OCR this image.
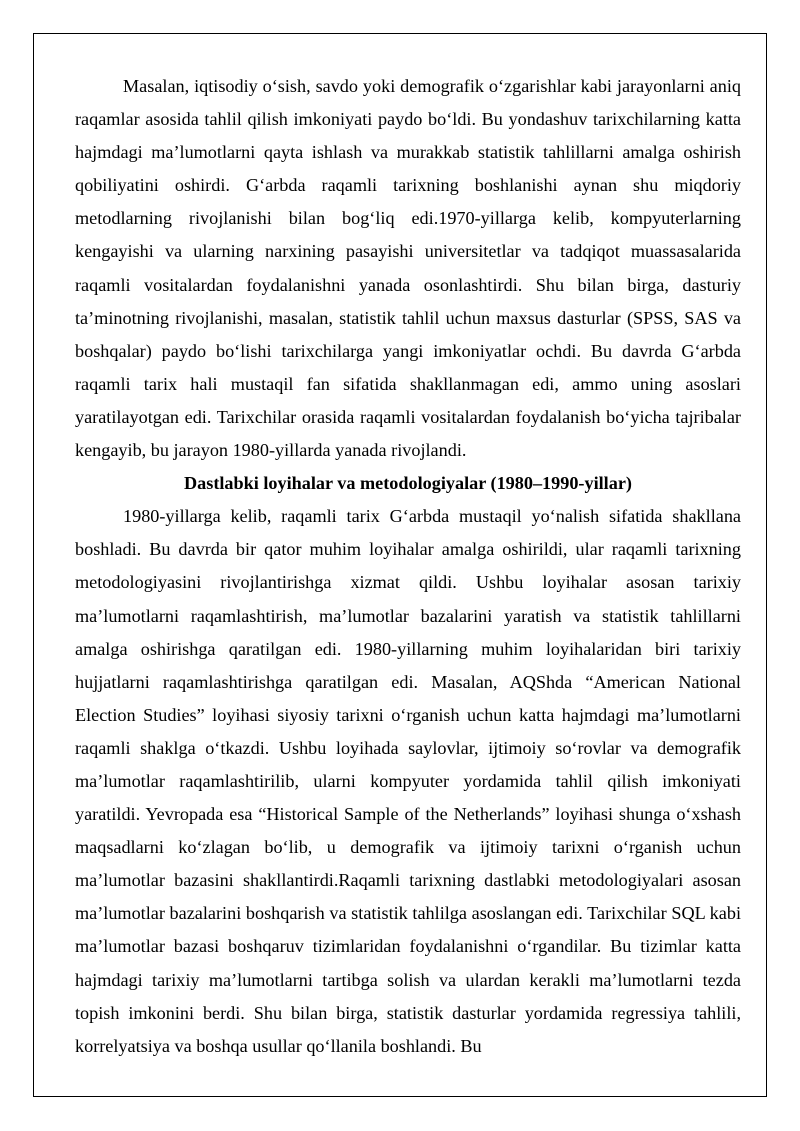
Masalan, iqtisodiy o‘sish, savdo yoki demografik o‘zgarishlar kabi jarayonlarni aniq raqamlar asosida tahlil qilish imkoniyati paydo bo‘ldi. Bu yondashuv tarixchilarning katta hajmdagi ma’lumotlarni qayta ishlash va murakkab statistik tahlillarni amalga oshirish qobiliyatini oshirdi. G‘arbda raqamli tarixning boshlanishi aynan shu miqdoriy metodlarning rivojlanishi bilan bog‘liq edi.1970-yillarga kelib, kompyuterlarning kengayishi va ularning narxining pasayishi universitetlar va tadqiqot muassasalarida raqamli vositalardan foydalanishni yanada osonlashtirdi. Shu bilan birga, dasturiy ta’minotning rivojlanishi, masalan, statistik tahlil uchun maxsus dasturlar (SPSS, SAS va boshqalar) paydo bo‘lishi tarixchilarga yangi imkoniyatlar ochdi. Bu davrda G‘arbda raqamli tarix hali mustaqil fan sifatida shakllanmagan edi, ammo uning asoslari yaratilayotgan edi. Tarixchilar orasida raqamli vositalardan foydalanish bo‘yicha tajribalar kengayib, bu jarayon 1980-yillarda yanada rivojlandi.

Dastlabki loyihalar va metodologiyalar (1980–1990-yillar)

1980-yillarga kelib, raqamli tarix G‘arbda mustaqil yo‘nalish sifatida shakllana boshladi. Bu davrda bir qator muhim loyihalar amalga oshirildi, ular raqamli tarixning metodologiyasini rivojlantirishga xizmat qildi. Ushbu loyihalar asosan tarixiy ma’lumotlarni raqamlashtirish, ma’lumotlar bazalarini yaratish va statistik tahlillarni amalga oshirishga qaratilgan edi. 1980-yillarning muhim loyihalaridan biri tarixiy hujjatlarni raqamlashtirishga qaratilgan edi. Masalan, AQShda “American National Election Studies” loyihasi siyosiy tarixni o‘rganish uchun katta hajmdagi ma’lumotlarni raqamli shaklga o‘tkazdi. Ushbu loyihada saylovlar, ijtimoiy so‘rovlar va demografik ma’lumotlar raqamlashtirilib, ularni kompyuter yordamida tahlil qilish imkoniyati yaratildi. Yevropada esa “Historical Sample of the Netherlands” loyihasi shunga o‘xshash maqsadlarni ko‘zlagan bo‘lib, u demografik va ijtimoiy tarixni o‘rganish uchun ma’lumotlar bazasini shakllantirdi.Raqamli tarixning dastlabki metodologiyalari asosan ma’lumotlar bazalarini boshqarish va statistik tahlilga asoslangan edi. Tarixchilar SQL kabi ma’lumotlar bazasi boshqaruv tizimlaridan foydalanishni o‘rgandilar. Bu tizimlar katta hajmdagi tarixiy ma’lumotlarni tartibga solish va ulardan kerakli ma’lumotlarni tezda topish imkonini berdi. Shu bilan birga, statistik dasturlar yordamida regressiya tahlili, korrelyatsiya va boshqa usullar qo‘llanila boshlandi. Bu
